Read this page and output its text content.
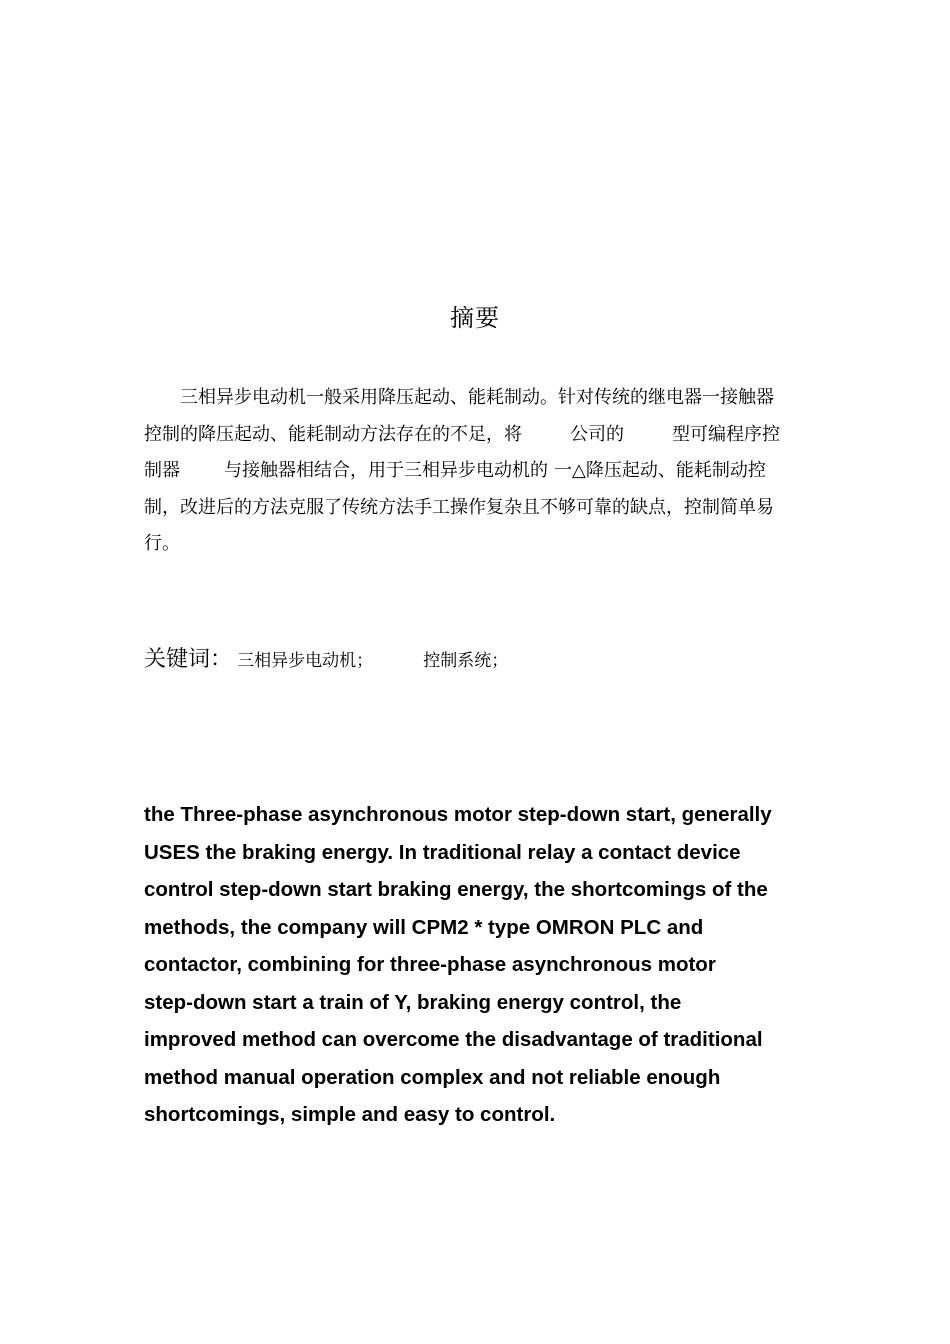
摘要
三相异步电动机一般采用降压起动、能耗制动。针对传统的继电器一接触器
控制的降压起动、能耗制动方法存在的不足，将	公司的	型可编程序控
制器 与接触器相结合，用于三相异步电动机的 一△降压起动、能耗制动控
制，改进后的方法克服了传统方法手工操作复杂且不够可靠的缺点，控制简单易
行。
关键词： 三相异步电动机；	控制系统；
the Three-phase asynchronous motor step-down start, generally
USES the braking energy. In traditional relay a contact device
control step-down start braking energy, the shortcomings of the
methods, the company will CPM2 * type OMRON PLC and
contactor, combining for three-phase asynchronous motor
step-down start a train of Y, braking energy control, the
improved method can overcome the disadvantage of traditional
method manual operation complex and not reliable enough
shortcomings, simple and easy to control.
